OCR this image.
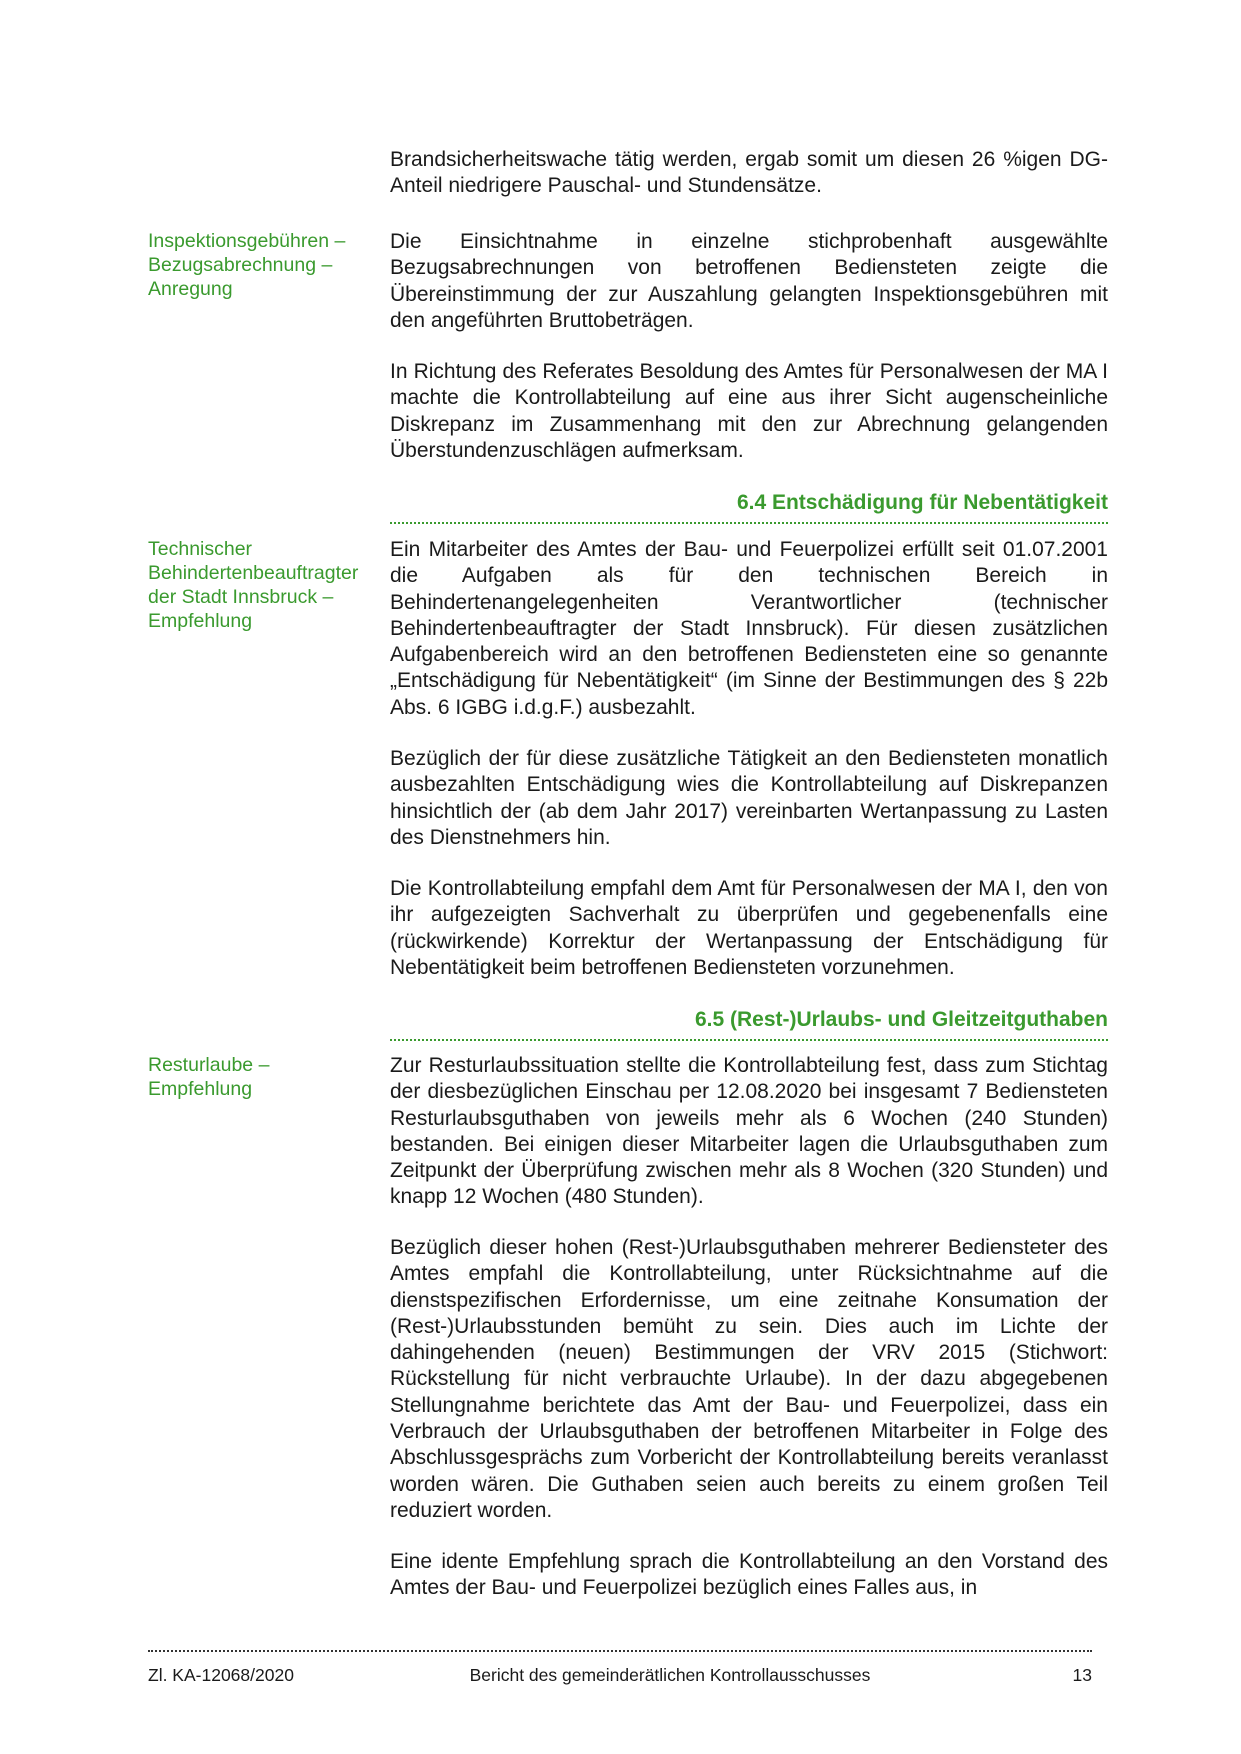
Brandsicherheitswache tätig werden, ergab somit um diesen 26 %igen DG-Anteil niedrigere Pauschal- und Stundensätze.

Inspektionsgebühren – Bezugsabrechnung – Anregung

Die Einsichtnahme in einzelne stichprobenhaft ausgewählte Bezugsabrechnungen von betroffenen Bediensteten zeigte die Übereinstimmung der zur Auszahlung gelangten Inspektionsgebühren mit den angeführten Bruttobeträgen.

In Richtung des Referates Besoldung des Amtes für Personalwesen der MA I machte die Kontrollabteilung auf eine aus ihrer Sicht augenscheinliche Diskrepanz im Zusammenhang mit den zur Abrechnung gelangenden Überstundenzuschlägen aufmerksam.

6.4 Entschädigung für Nebentätigkeit

Technischer Behindertenbeauftragter der Stadt Innsbruck – Empfehlung

Ein Mitarbeiter des Amtes der Bau- und Feuerpolizei erfüllt seit 01.07.2001 die Aufgaben als für den technischen Bereich in Behindertenangelegenheiten Verantwortlicher (technischer Behindertenbeauftragter der Stadt Innsbruck). Für diesen zusätzlichen Aufgabenbereich wird an den betroffenen Bediensteten eine so genannte „Entschädigung für Nebentätigkeit“ (im Sinne der Bestimmungen des § 22b Abs. 6 IGBG i.d.g.F.) ausbezahlt.

Bezüglich der für diese zusätzliche Tätigkeit an den Bediensteten monatlich ausbezahlten Entschädigung wies die Kontrollabteilung auf Diskrepanzen hinsichtlich der (ab dem Jahr 2017) vereinbarten Wertanpassung zu Lasten des Dienstnehmers hin.

Die Kontrollabteilung empfahl dem Amt für Personalwesen der MA I, den von ihr aufgezeigten Sachverhalt zu überprüfen und gegebenenfalls eine (rückwirkende) Korrektur der Wertanpassung der Entschädigung für Nebentätigkeit beim betroffenen Bediensteten vorzunehmen.

6.5 (Rest-)Urlaubs- und Gleitzeitguthaben

Resturlaube – Empfehlung

Zur Resturlaubssituation stellte die Kontrollabteilung fest, dass zum Stichtag der diesbezüglichen Einschau per 12.08.2020 bei insgesamt 7 Bediensteten Resturlaubsguthaben von jeweils mehr als 6 Wochen (240 Stunden) bestanden. Bei einigen dieser Mitarbeiter lagen die Urlaubsguthaben zum Zeitpunkt der Überprüfung zwischen mehr als 8 Wochen (320 Stunden) und knapp 12 Wochen (480 Stunden).

Bezüglich dieser hohen (Rest-)Urlaubsguthaben mehrerer Bediensteter des Amtes empfahl die Kontrollabteilung, unter Rücksichtnahme auf die dienstspezifischen Erfordernisse, um eine zeitnahe Konsumation der (Rest-)Urlaubsstunden bemüht zu sein. Dies auch im Lichte der dahingehenden (neuen) Bestimmungen der VRV 2015 (Stichwort: Rückstellung für nicht verbrauchte Urlaube). In der dazu abgegebenen Stellungnahme berichtete das Amt der Bau- und Feuerpolizei, dass ein Verbrauch der Urlaubsguthaben der betroffenen Mitarbeiter in Folge des Abschlussgesprächs zum Vorbericht der Kontrollabteilung bereits veranlasst worden wären. Die Guthaben seien auch bereits zu einem großen Teil reduziert worden.

Eine idente Empfehlung sprach die Kontrollabteilung an den Vorstand des Amtes der Bau- und Feuerpolizei bezüglich eines Falles aus, in

Zl. KA-12068/2020	Bericht des gemeinderätlichen Kontrollausschusses	13
